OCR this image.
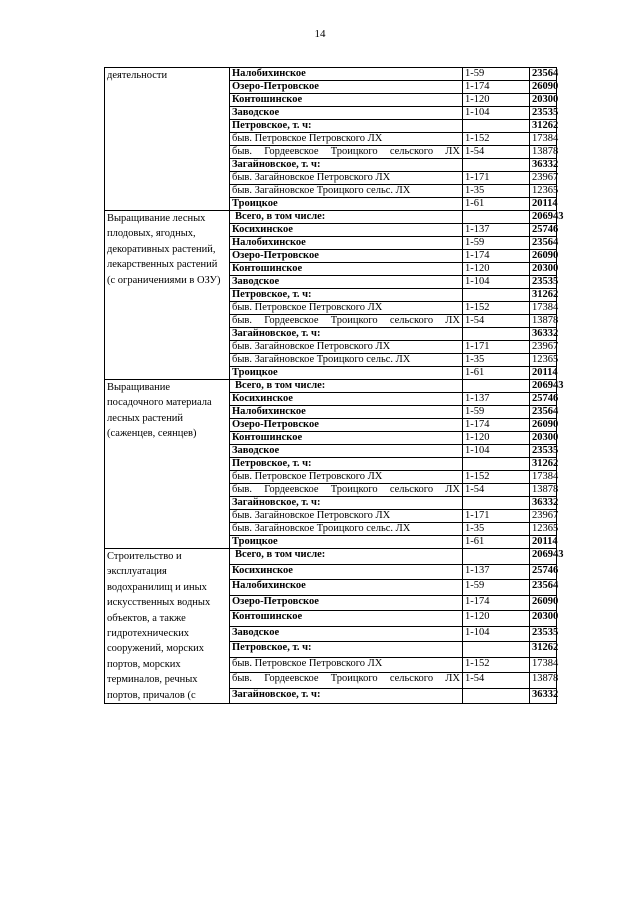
14
деятельности	Налобихинское	1-59	23564
	Озеро-Петровское	1-174	26090
	Контошинское	1-120	20300
	Заводское	1-104	23535
	Петровское, т. ч:		31262
	быв. Петровское Петровского ЛХ	1-152	17384
	быв. Гордеевское Троицкого сельского ЛХ	1-54	13878
	Загайновское, т. ч:		36332
	быв. Загайновское Петровского ЛХ	1-171	23967
	быв. Загайновское Троицкого сельс. ЛХ	1-35	12365
	Троицкое	1-61	20114
Выращивание лесных плодовых, ягодных, декоративных растений, лекарственных растений (с ограничениями в ОЗУ)	Всего, в том числе:		206943
	Косихинское	1-137	25746
	Налобихинское	1-59	23564
	Озеро-Петровское	1-174	26090
	Контошинское	1-120	20300
	Заводское	1-104	23535
	Петровское, т. ч:		31262
	быв. Петровское Петровского ЛХ	1-152	17384
	быв. Гордеевское Троицкого сельского ЛХ	1-54	13878
	Загайновское, т. ч:		36332
	быв. Загайновское Петровского ЛХ	1-171	23967
	быв. Загайновское Троицкого сельс. ЛХ	1-35	12365
	Троицкое	1-61	20114
Выращивание посадочного материала лесных растений (саженцев, сеянцев)	Всего, в том числе:		206943
	Косихинское	1-137	25746
	Налобихинское	1-59	23564
	Озеро-Петровское	1-174	26090
	Контошинское	1-120	20300
	Заводское	1-104	23535
	Петровское, т. ч:		31262
	быв. Петровское Петровского ЛХ	1-152	17384
	быв. Гордеевское Троицкого сельского ЛХ	1-54	13878
	Загайновское, т. ч:		36332
	быв. Загайновское Петровского ЛХ	1-171	23967
	быв. Загайновское Троицкого сельс. ЛХ	1-35	12365
	Троицкое	1-61	20114
Строительство и эксплуатация водохранилищ и иных искусственных водных объектов, а также гидротехнических сооружений, морских портов, морских терминалов, речных портов, причалов (с	Всего, в том числе:		206943
	Косихинское	1-137	25746
	Налобихинское	1-59	23564
	Озеро-Петровское	1-174	26090
	Контошинское	1-120	20300
	Заводское	1-104	23535
	Петровское, т. ч:		31262
	быв. Петровское Петровского ЛХ	1-152	17384
	быв. Гордеевское Троицкого сельского ЛХ	1-54	13878
	Загайновское, т. ч:		36332
